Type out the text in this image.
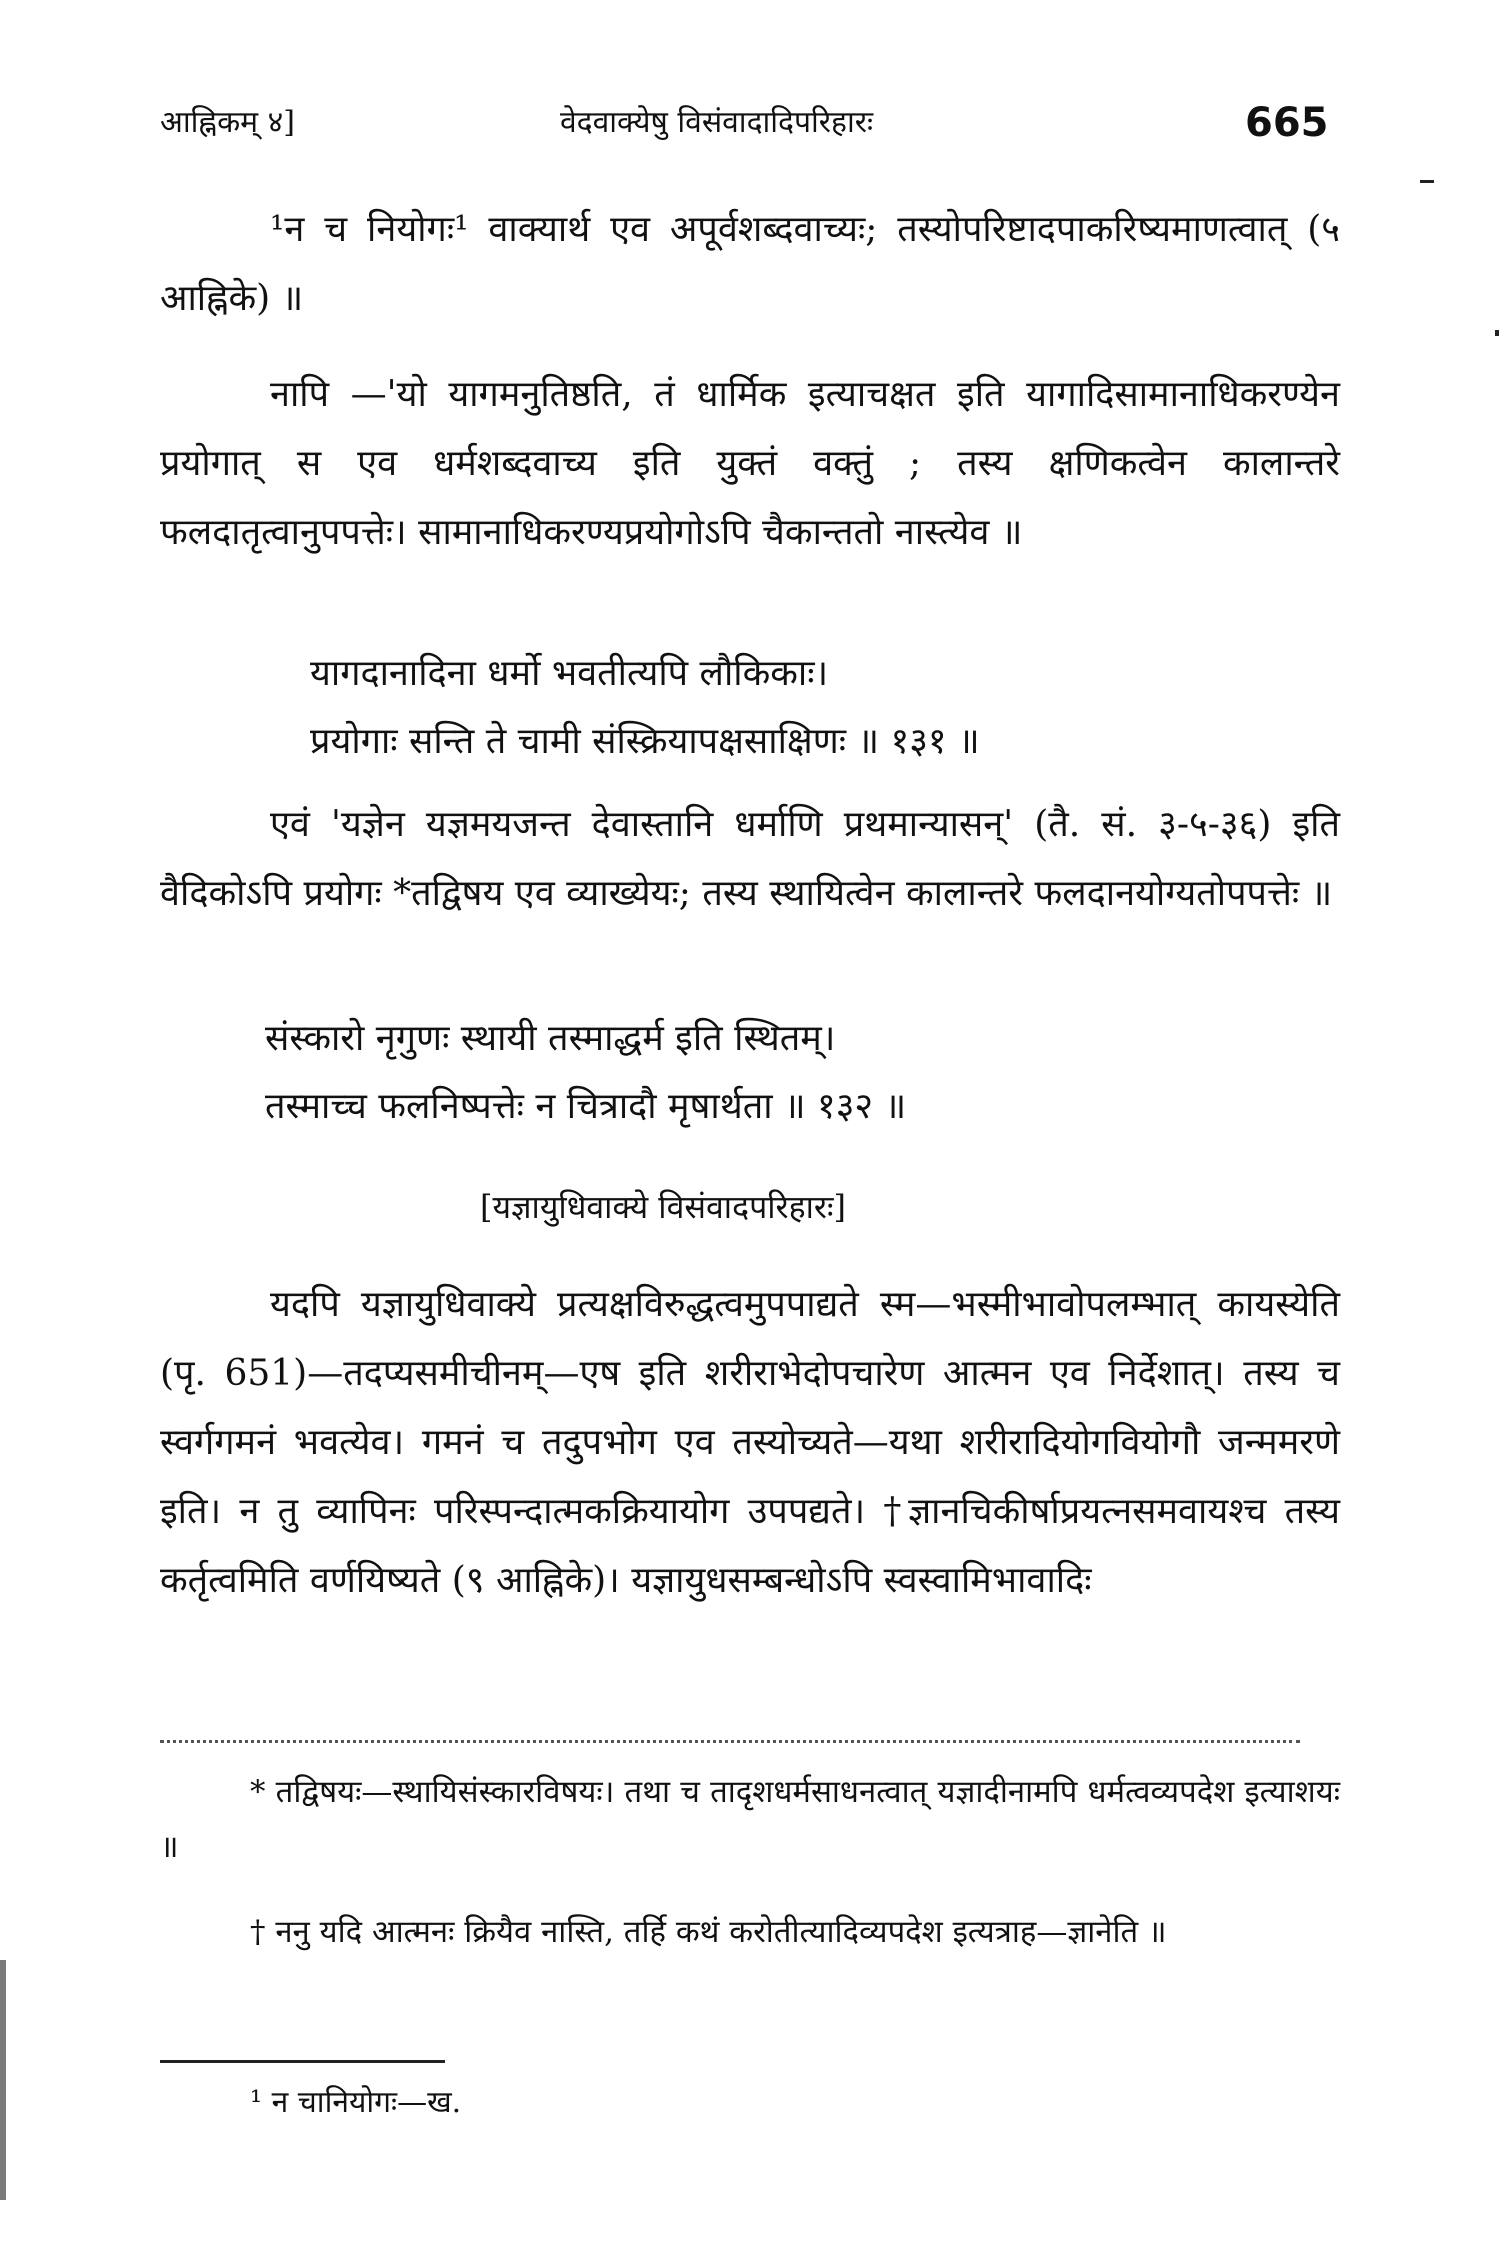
आह्निकम् ४]	वेदवाक्येषु विसंवादादिपरिहारः	665

¹न च नियोगः¹ वाक्यार्थ एव अपूर्वशब्दवाच्यः; तस्योपरिष्टादपाकरिष्यमाणत्वात् (५ आह्निके) ॥

नापि —'यो यागमनुतिष्ठति, तं धार्मिक इत्याचक्षत इति यागादिसामानाधिकरण्येन प्रयोगात् स एव धर्मशब्दवाच्य इति युक्तं वक्तुं ; तस्य क्षणिकत्वेन कालान्तरे फलदातृत्वानुपपत्तेः। सामानाधिकरण्यप्रयोगोऽपि चैकान्ततो नास्त्येव ॥

यागदानादिना धर्मो भवतीत्यपि लौकिकाः।
प्रयोगाः सन्ति ते चामी संस्क्रियापक्षसाक्षिणः ॥ १३१ ॥

एवं 'यज्ञेन यज्ञमयजन्त देवास्तानि धर्माणि प्रथमान्यासन्' (तै. सं. ३-५-३६) इति वैदिकोऽपि प्रयोगः *तद्विषय एव व्याख्येयः; तस्य स्थायित्वेन कालान्तरे फलदानयोग्यतोपपत्तेः ॥

संस्कारो नृगुणः स्थायी तस्माद्धर्म इति स्थितम्।
तस्माच्च फलनिष्पत्तेः न चित्रादौ मृषार्थता ॥ १३२ ॥
[यज्ञायुधिवाक्ये विसंवादपरिहारः]

यदपि यज्ञायुधिवाक्ये प्रत्यक्षविरुद्धत्वमुपपाद्यते स्म—भस्मीभावोपलम्भात् कायस्येति (पृ. 651)—तदप्यसमीचीनम्—एष इति शरीराभेदोपचारेण आत्मन एव निर्देशात्। तस्य च स्वर्गगमनं भवत्येव। गमनं च तदुपभोग एव तस्योच्यते—यथा शरीरादियोगवियोगौ जन्ममरणे इति। न तु व्यापिनः परिस्पन्दात्मकक्रियायोग उपपद्यते। †ज्ञानचिकीर्षाप्रयत्नसमवायश्च तस्य कर्तृत्वमिति वर्णयिष्यते (९ आह्निके)। यज्ञायुधसम्बन्धोऽपि स्वस्वामिभावादिः

* तद्विषयः—स्थायिसंस्कारविषयः। तथा च तादृशधर्मसाधनत्वात् यज्ञादीनामपि धर्मत्वव्यपदेश इत्याशयः ॥

† ननु यदि आत्मनः क्रियैव नास्ति, तर्हि कथं करोतीत्यादिव्यपदेश इत्यत्राह—ज्ञानेति ॥

¹ न चानियोगः—ख.
